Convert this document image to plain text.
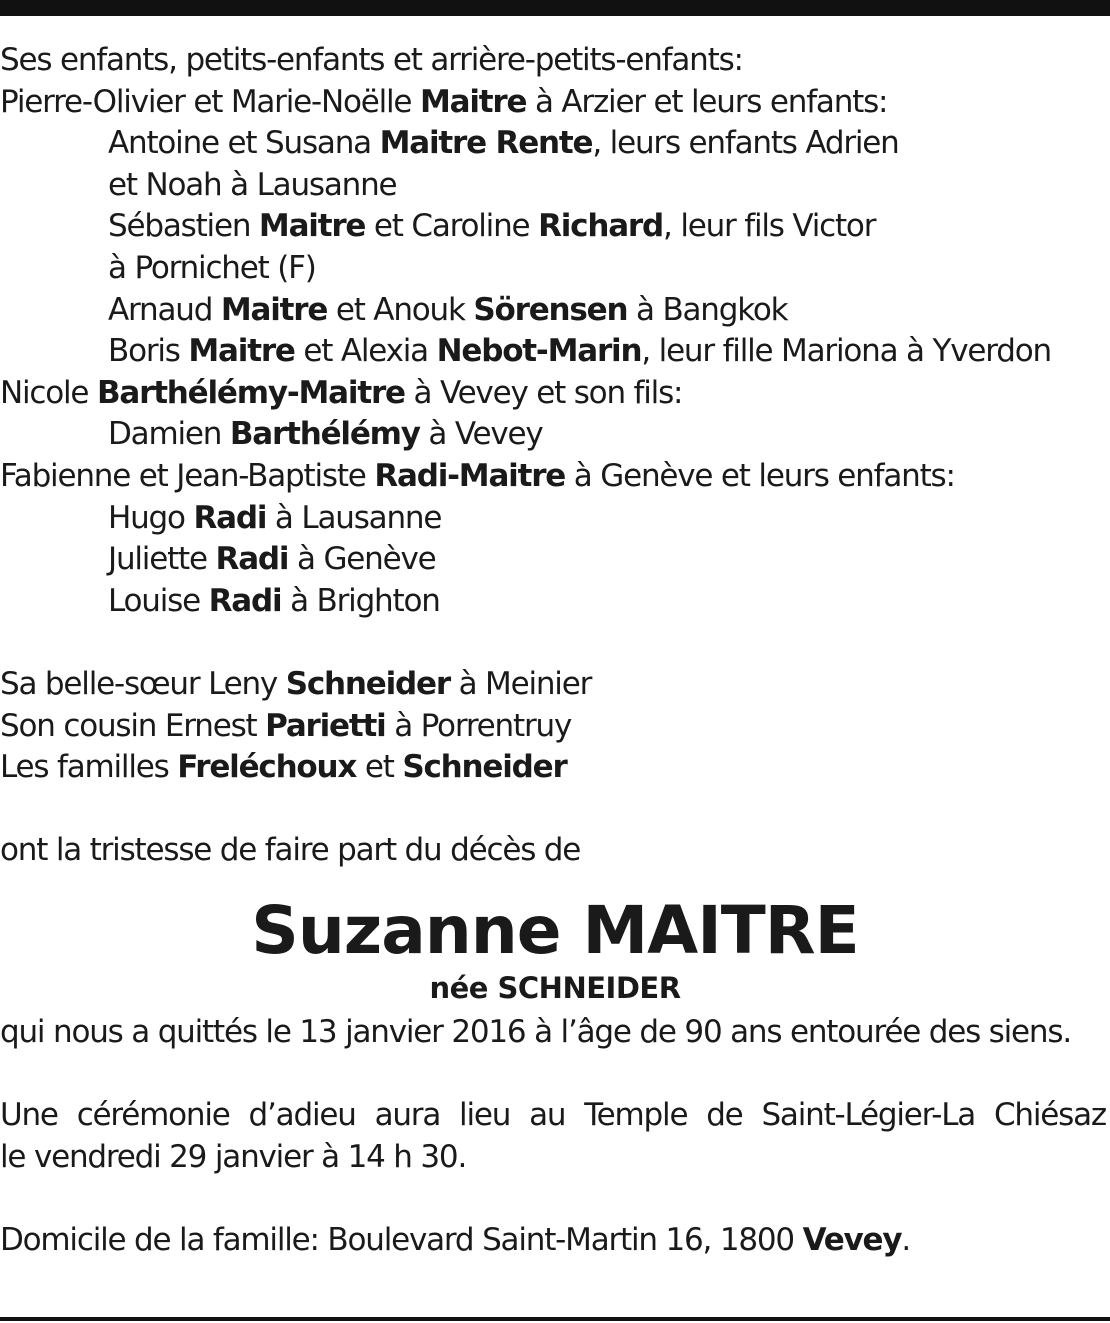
Ses enfants, petits-enfants et arrière-petits-enfants:
Pierre-Olivier et Marie-Noëlle Maitre à Arzier et leurs enfants:
Antoine et Susana Maitre Rente, leurs enfants Adrien
et Noah à Lausanne
Sébastien Maitre et Caroline Richard, leur fils Victor
à Pornichet (F)
Arnaud Maitre et Anouk Sörensen à Bangkok
Boris Maitre et Alexia Nebot-Marin, leur fille Mariona à Yverdon
Nicole Barthélémy-Maitre à Vevey et son fils:
Damien Barthélémy à Vevey
Fabienne et Jean-Baptiste Radi-Maitre à Genève et leurs enfants:
Hugo Radi à Lausanne
Juliette Radi à Genève
Louise Radi à Brighton
Sa belle-sœur Leny Schneider à Meinier
Son cousin Ernest Parietti à Porrentruy
Les familles Freléchoux et Schneider
ont la tristesse de faire part du décès de
Suzanne MAITRE
née SCHNEIDER
qui nous a quittés le 13 janvier 2016 à l’âge de 90 ans entourée des siens.
Une cérémonie d’adieu aura lieu au Temple de Saint-Légier-La Chiésaz
le vendredi 29 janvier à 14 h 30.
Domicile de la famille: Boulevard Saint-Martin 16, 1800 Vevey.
